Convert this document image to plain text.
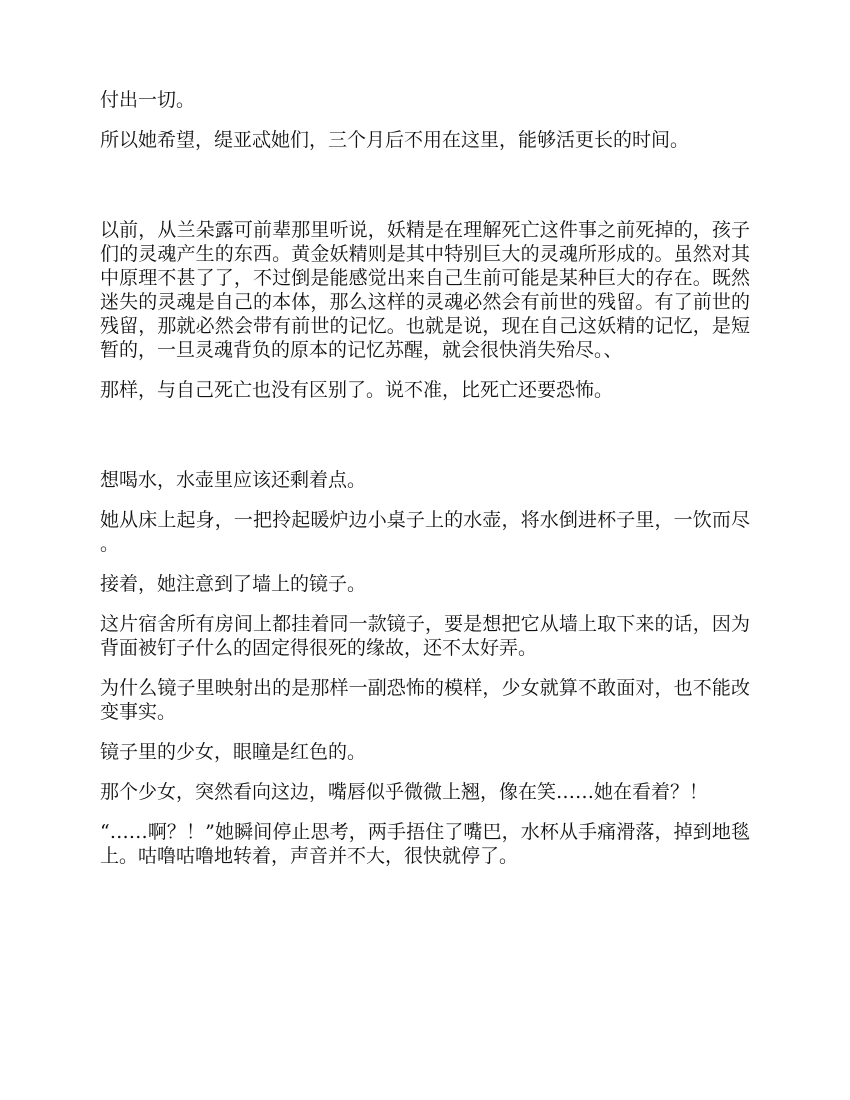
付出一切。

所以她希望，缇亚忒她们，三个月后不用在这里，能够活更长的时间。

以前，从兰朵露可前辈那里听说，妖精是在理解死亡这件事之前死掉的，孩子们的灵魂产生的东西。黄金妖精则是其中特别巨大的灵魂所形成的。虽然对其中原理不甚了了，不过倒是能感觉出来自己生前可能是某种巨大的存在。既然迷失的灵魂是自己的本体，那么这样的灵魂必然会有前世的残留。有了前世的残留，那就必然会带有前世的记忆。也就是说，现在自己这妖精的记忆，是短暂的，一旦灵魂背负的原本的记忆苏醒，就会很快消失殆尽。、

那样，与自己死亡也没有区别了。说不准，比死亡还要恐怖。

想喝水，水壶里应该还剩着点。

她从床上起身，一把拎起暖炉边小桌子上的水壶，将水倒进杯子里，一饮而尽。

接着，她注意到了墙上的镜子。

这片宿舍所有房间上都挂着同一款镜子，要是想把它从墙上取下来的话，因为背面被钉子什么的固定得很死的缘故，还不太好弄。

为什么镜子里映射出的是那样一副恐怖的模样，少女就算不敢面对，也不能改变事实。

镜子里的少女，眼瞳是红色的。

那个少女，突然看向这边，嘴唇似乎微微上翘，像在笑……她在看着？！

“……啊？！”她瞬间停止思考，两手捂住了嘴巴，水杯从手痛滑落，掉到地毯上。咕噜咕噜地转着，声音并不大，很快就停了。
